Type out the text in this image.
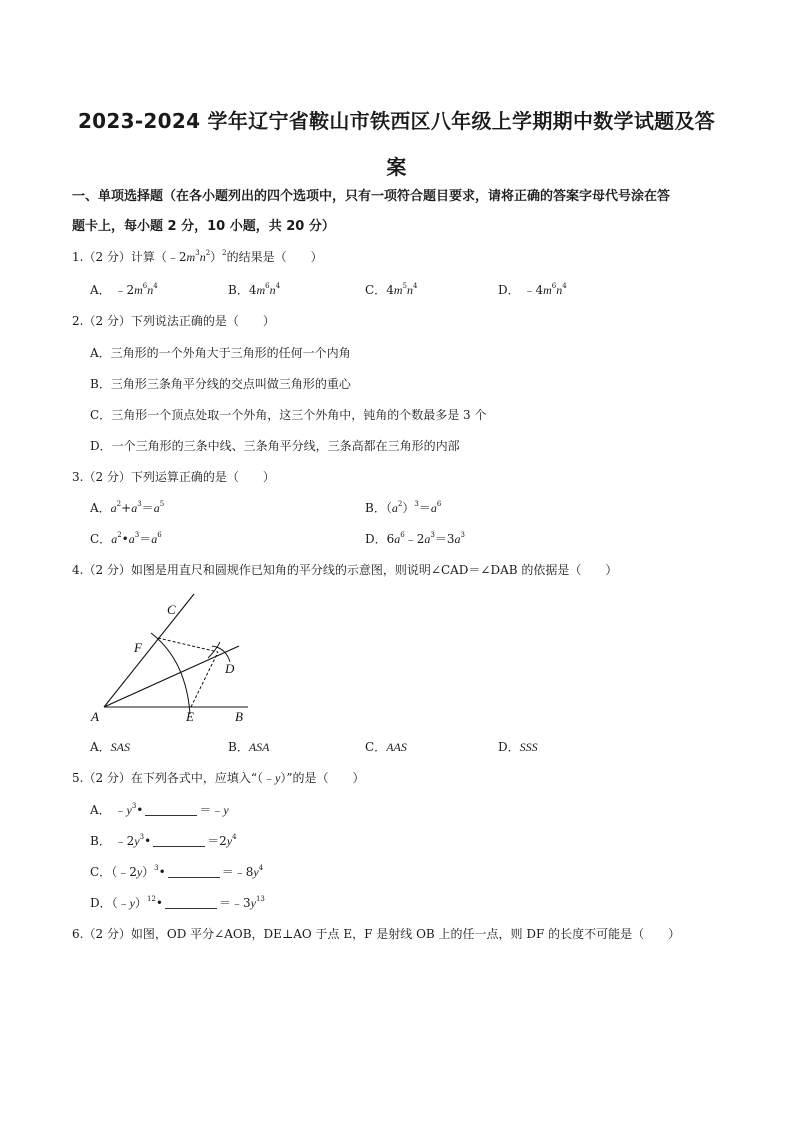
2023-2024 学年辽宁省鞍山市铁西区八年级上学期期中数学试题及答
案
一、单项选择题（在各小题列出的四个选项中，只有一项符合题目要求，请将正确的答案字母代号涂在答
题卡上，每小题 2 分，10 小题，共 20 分）
1.（2 分）计算$(﹣2m^3n^2)^2$的结果是（　　）
A． $﹣2m^6n^4$	B．$4m^6n^4$	C．$4m^5n^4$	D． $﹣4m^6n^4$
2.（2 分）下列说法正确的是（　　）
A．三角形的一个外角大于三角形的任何一个内角
B．三角形三条角平分线的交点叫做三角形的重心
C．三角形一个顶点处取一个外角，这三个外角中，钝角的个数最多是 3 个
D．一个三角形的三条中线、三条角平分线，三条高都在三角形的内部
3.（2 分）下列运算正确的是（　　）
A．$a^2+a^3=a^5$	B．$(a^2)^3=a^6$
C．$a^2•a^3=a^6$	D．$6a^6﹣2a^3=3a^3$
4.（2 分）如图是用直尺和圆规作已知角的平分线的示意图，则说明∠CAD＝∠DAB 的依据是（　　）
C
F
D
A	E	B
A．SAS	B．ASA	C．AAS	D．SSS
5.（2 分）在下列各式中，应填入“（﹣y）”的是（　　）
A． $﹣y^3•$	＝﹣y
B． $﹣2y^3•$	$=2y^4$
C．（﹣2y）$^3$•	$=﹣8y^4$
D．（﹣y）$^{12}$•	$=﹣3y^{13}$
6.（2 分）如图，OD 平分∠AOB，DE⊥AO 于点 E，F 是射线 OB 上的任一点，则 DF 的长度不可能是（　　）
